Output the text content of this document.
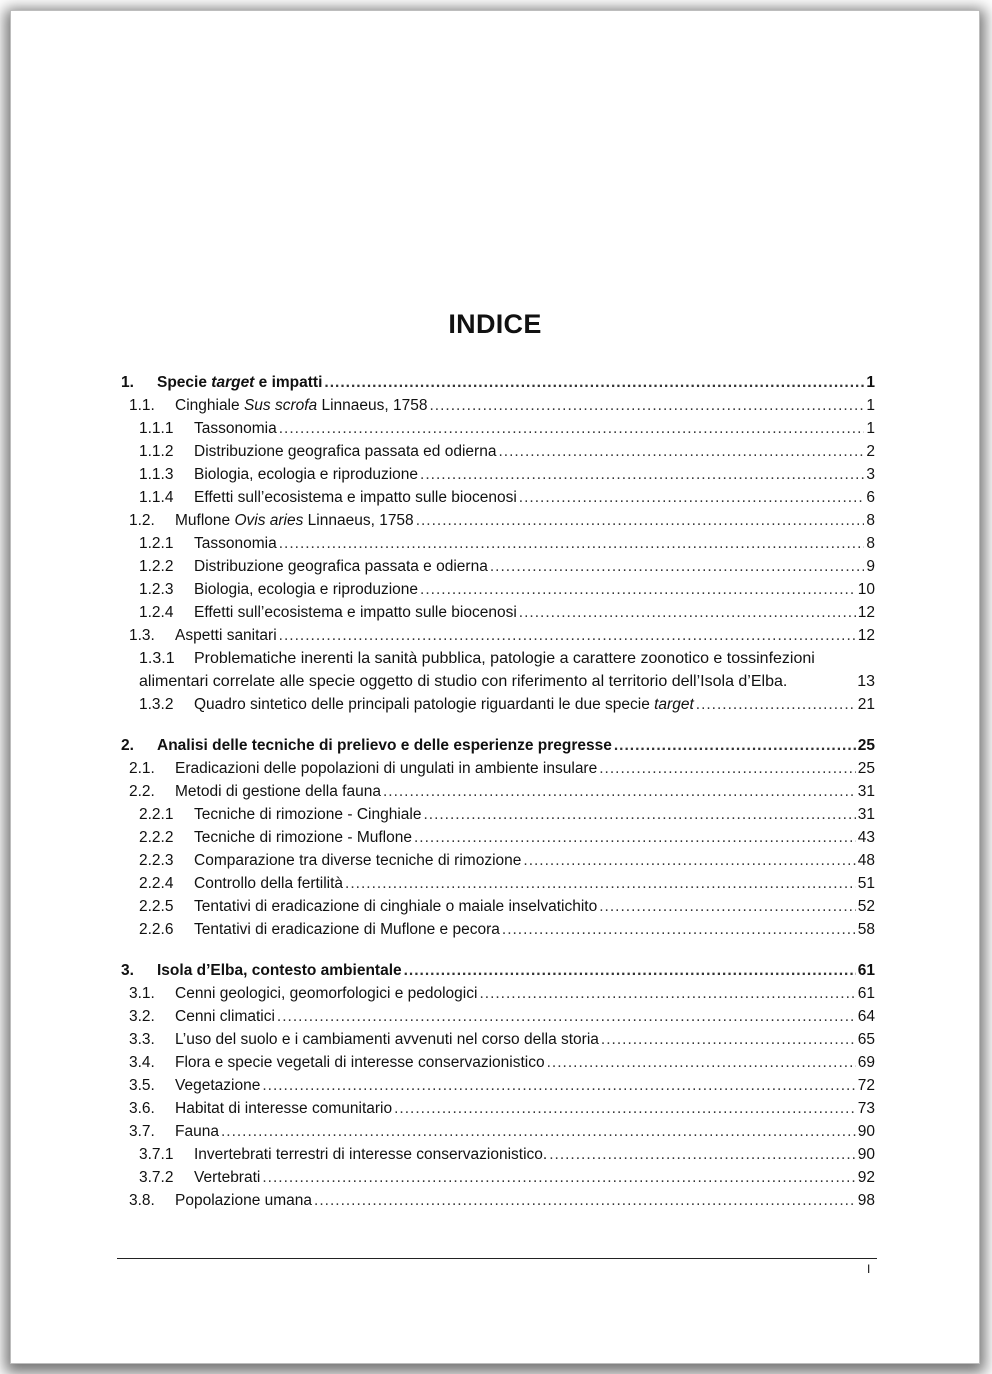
INDICE
1.	Specie target e impatti .....	1
1.1.	Cinghiale Sus scrofa Linnaeus, 1758 .....	1
1.1.1	Tassonomia .....	1
1.1.2	Distribuzione geografica passata ed odierna .....	2
1.1.3	Biologia, ecologia e riproduzione .....	3
1.1.4	Effetti sull’ecosistema e impatto sulle biocenosi .....	6
1.2.	Muflone Ovis aries Linnaeus, 1758 .....	8
1.2.1	Tassonomia .....	8
1.2.2	Distribuzione geografica passata e odierna .....	9
1.2.3	Biologia, ecologia e riproduzione .....	10
1.2.4	Effetti sull’ecosistema e impatto sulle biocenosi .....	12
1.3.	Aspetti sanitari .....	12
1.3.1	Problematiche inerenti la sanità pubblica, patologie a carattere zoonotico e tossinfezioni
alimentari correlate alle specie oggetto di studio con riferimento al territorio dell’Isola d’Elba.	13
1.3.2	Quadro sintetico delle principali patologie riguardanti le due specie target .....	21
2.	Analisi delle tecniche di prelievo e delle esperienze pregresse .....	25
2.1.	Eradicazioni delle popolazioni di ungulati in ambiente insulare .....	25
2.2.	Metodi di gestione della fauna .....	31
2.2.1	Tecniche di rimozione - Cinghiale .....	31
2.2.2	Tecniche di rimozione - Muflone .....	43
2.2.3	Comparazione tra diverse tecniche di rimozione .....	48
2.2.4	Controllo della fertilità .....	51
2.2.5	Tentativi di eradicazione di cinghiale o maiale inselvatichito .....	52
2.2.6	Tentativi di eradicazione di Muflone e pecora .....	58
3.	Isola d’Elba, contesto ambientale .....	61
3.1.	Cenni geologici, geomorfologici e pedologici .....	61
3.2.	Cenni climatici .....	64
3.3.	L’uso del suolo e i cambiamenti avvenuti nel corso della storia .....	65
3.4.	Flora e specie vegetali di interesse conservazionistico .....	69
3.5.	Vegetazione .....	72
3.6.	Habitat di interesse comunitario .....	73
3.7.	Fauna .....	90
3.7.1	Invertebrati terrestri di interesse conservazionistico. .....	90
3.7.2	Vertebrati .....	92
3.8.	Popolazione umana .....	98
I
